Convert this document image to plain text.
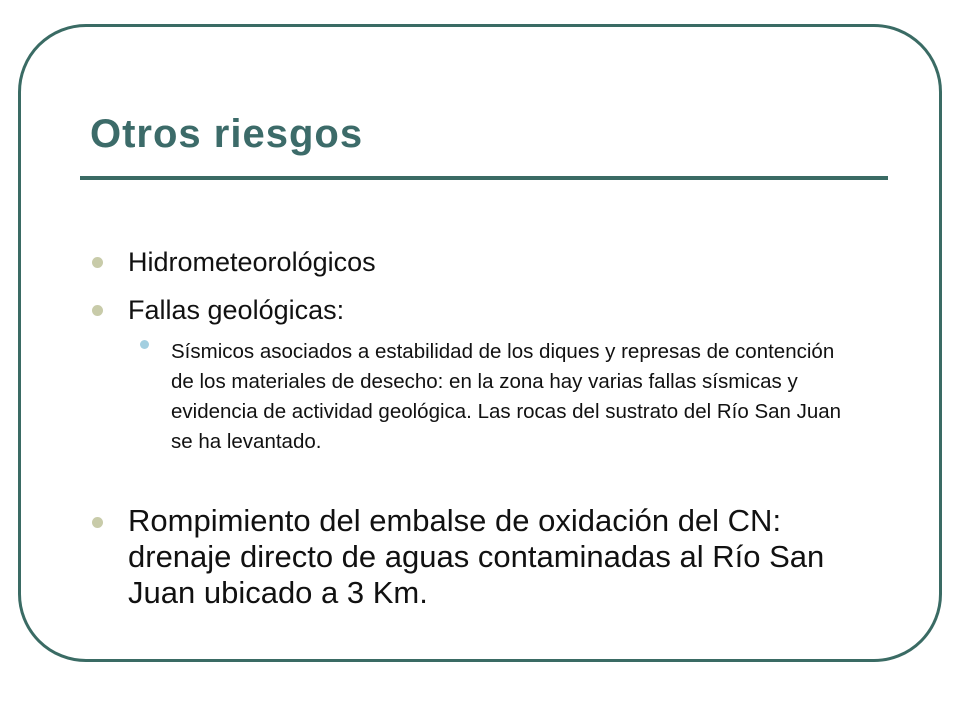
Otros riesgos
Hidrometeorológicos
Fallas geológicas:
Sísmicos asociados a estabilidad de los diques y represas de contención de los materiales de desecho: en la zona hay varias fallas sísmicas y evidencia de actividad geológica. Las rocas del sustrato del Río San Juan se ha levantado.
Rompimiento del embalse de oxidación del CN: drenaje directo de aguas contaminadas al Río San Juan ubicado a 3 Km.
